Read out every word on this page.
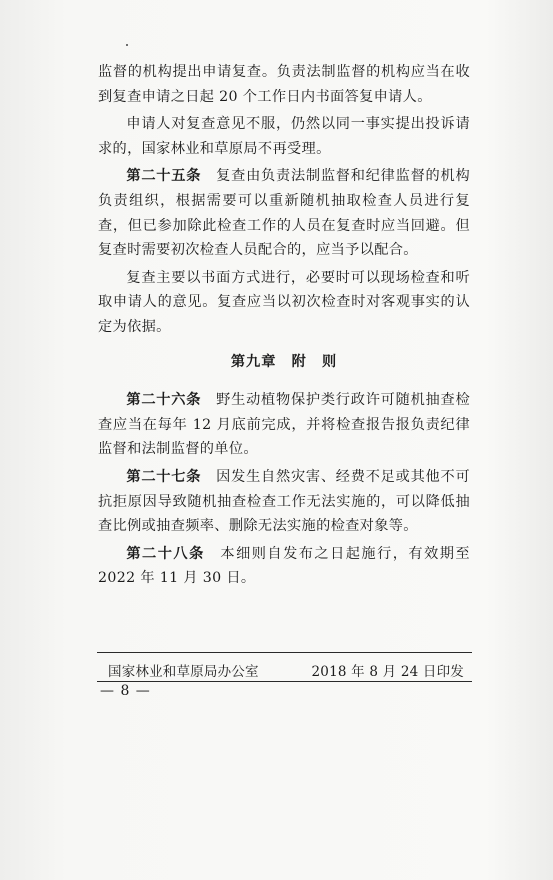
监督的机构提出申请复查。负责法制监督的机构应当在收到复查申请之日起 20 个工作日内书面答复申请人。

申请人对复查意见不服，仍然以同一事实提出投诉请求的，国家林业和草原局不再受理。

第二十五条　 复查由负责法制监督和纪律监督的机构负责组织，根据需要可以重新随机抽取检查人员进行复查，但已参加除此检查工作的人员在复查时应当回避。但复查时需要初次检查人员配合的，应当予以配合。

复查主要以书面方式进行，必要时可以现场检查和听取申请人的意见。复查应当以初次检查时对客观事实的认定为依据。

第九章　附　则

第二十六条　 野生动植物保护类行政许可随机抽查检查应当在每年 12 月底前完成，并将检查报告报负责纪律监督和法制监督的单位。

第二十七条　 因发生自然灾害、经费不足或其他不可抗拒原因导致随机抽查检查工作无法实施的，可以降低抽查比例或抽查频率、删除无法实施的检查对象等。

第二十八条　 本细则自发布之日起施行，有效期至 2022 年 11 月 30 日。

国家林业和草原局办公室	2018 年 8 月 24 日印发
— 8 —
